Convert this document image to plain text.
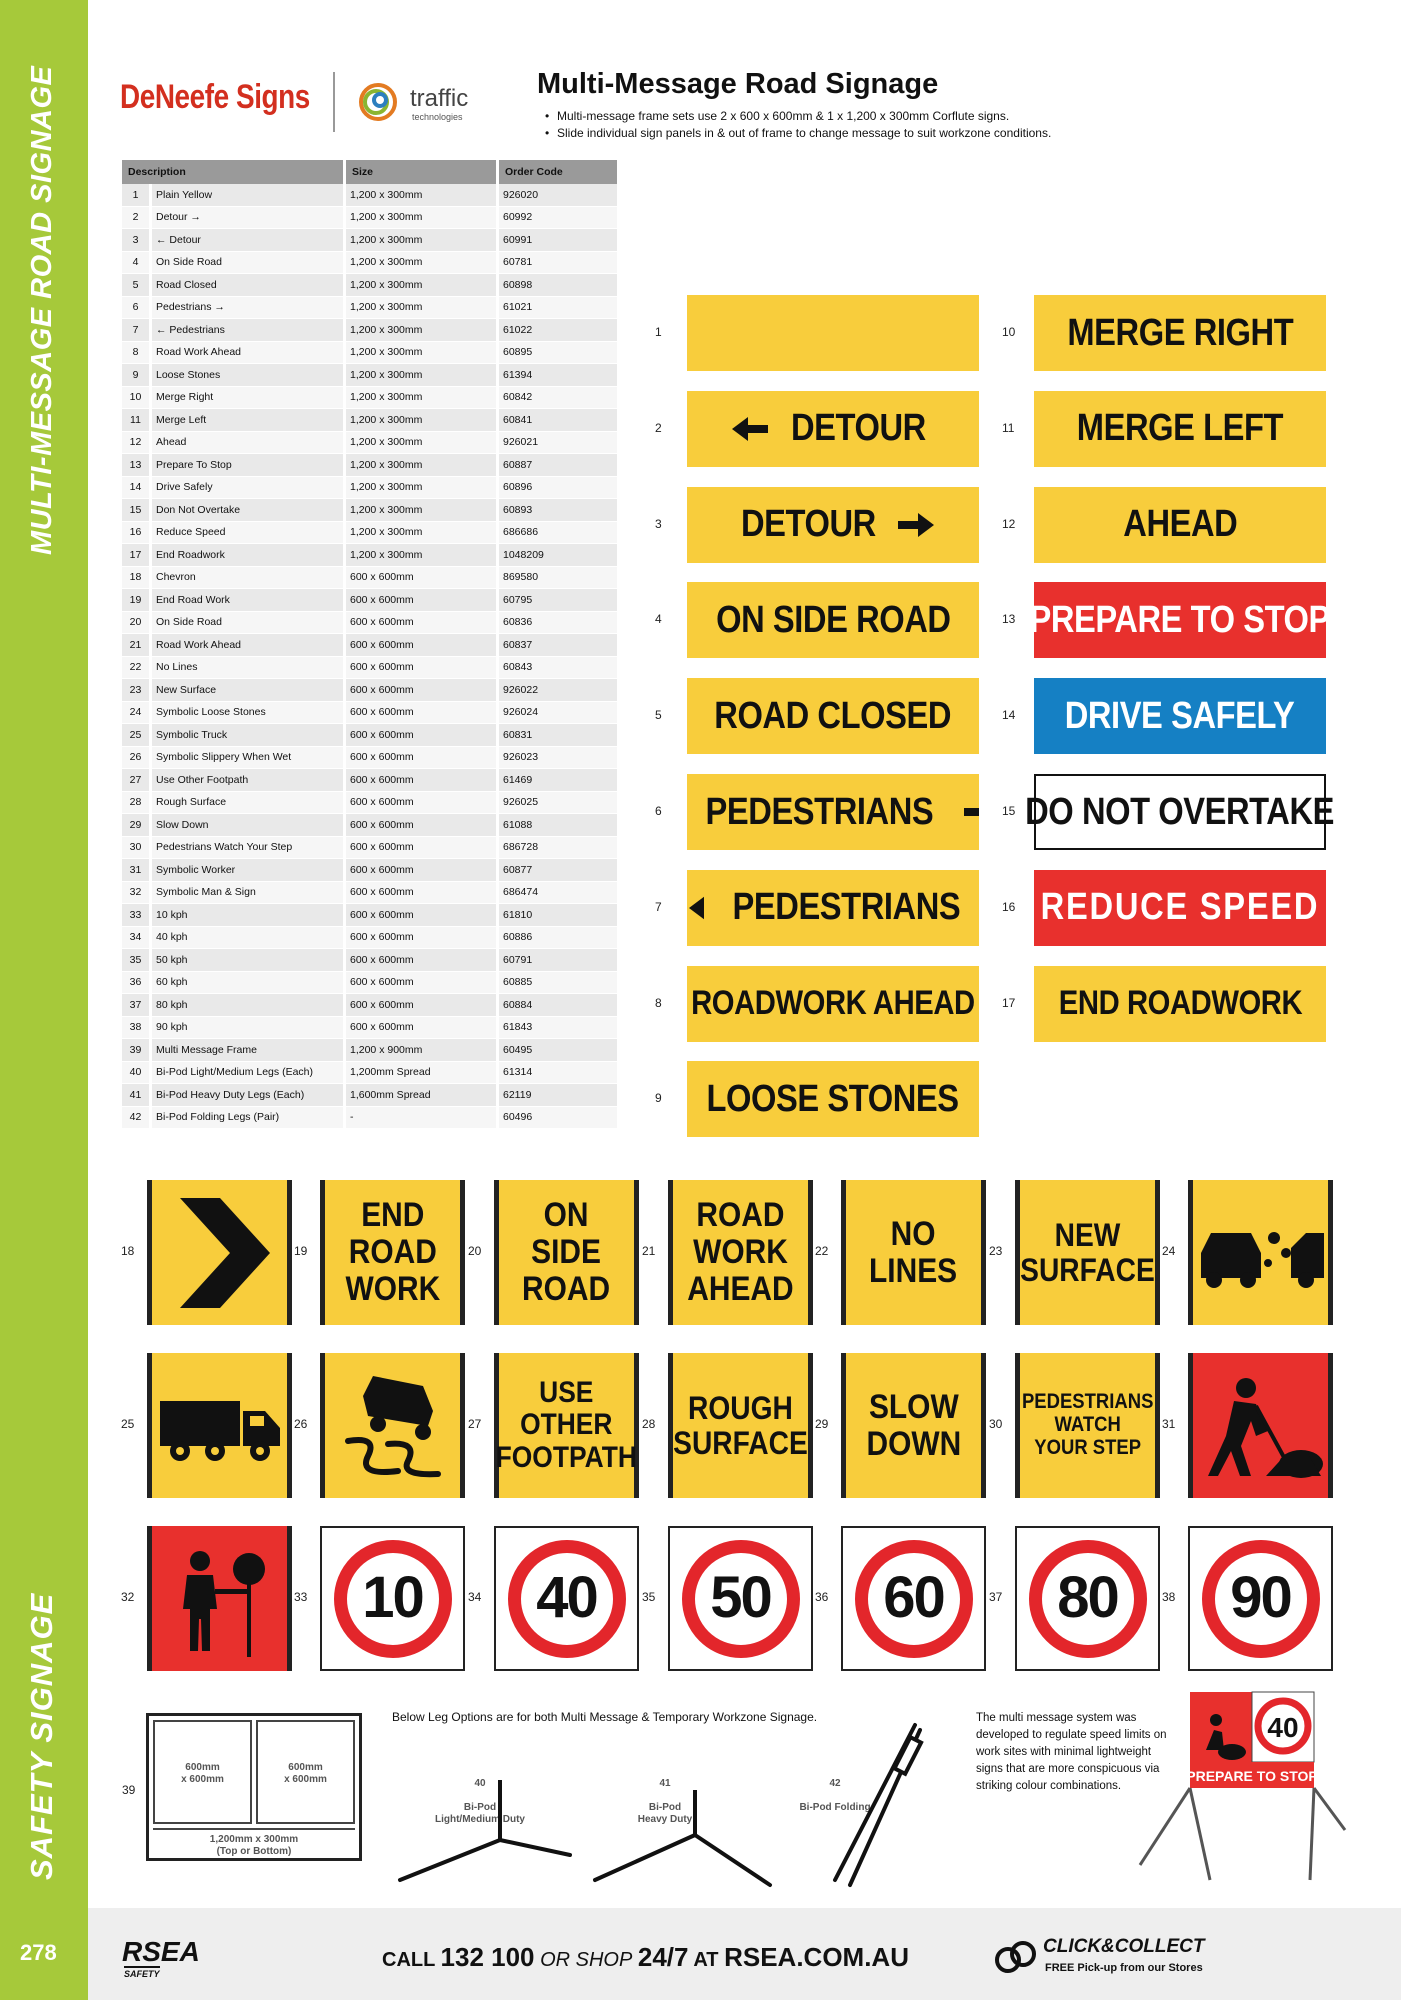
MULTI-MESSAGE ROAD SIGNAGE
SAFETY SIGNAGE
278
DeNeefe Signs	traffic
technologies
Multi-Message Road Signage
• Multi-message frame sets use 2 x 600 x 600mm & 1 x 1,200 x 300mm Corflute signs.
• Slide individual sign panels in & out of frame to change message to suit workzone conditions.
Description		Size	Order Code
1	Plain Yellow	1,200 x 300mm	926020
2	Detour →	1,200 x 300mm	60992
3	← Detour	1,200 x 300mm	60991
4	On Side Road	1,200 x 300mm	60781
5	Road Closed	1,200 x 300mm	60898
6	Pedestrians →	1,200 x 300mm	61021
7	← Pedestrians	1,200 x 300mm	61022
8	Road Work Ahead	1,200 x 300mm	60895
9	Loose Stones	1,200 x 300mm	61394
10	Merge Right	1,200 x 300mm	60842
11	Merge Left	1,200 x 300mm	60841
12	Ahead	1,200 x 300mm	926021
13	Prepare To Stop	1,200 x 300mm	60887
14	Drive Safely	1,200 x 300mm	60896
15	Don Not Overtake	1,200 x 300mm	60893
16	Reduce Speed	1,200 x 300mm	686686
17	End Roadwork	1,200 x 300mm	1048209
18	Chevron	600 x 600mm	869580
19	End Road Work	600 x 600mm	60795
20	On Side Road	600 x 600mm	60836
21	Road Work Ahead	600 x 600mm	60837
22	No Lines	600 x 600mm	60843
23	New Surface	600 x 600mm	926022
24	Symbolic Loose Stones	600 x 600mm	926024
25	Symbolic Truck	600 x 600mm	60831
26	Symbolic Slippery When Wet	600 x 600mm	926023
27	Use Other Footpath	600 x 600mm	61469
28	Rough Surface	600 x 600mm	926025
29	Slow Down	600 x 600mm	61088
30	Pedestrians Watch Your Step	600 x 600mm	686728
31	Symbolic Worker	600 x 600mm	60877
32	Symbolic Man & Sign	600 x 600mm	686474
33	10 kph	600 x 600mm	61810
34	40 kph	600 x 600mm	60886
35	50 kph	600 x 600mm	60791
36	60 kph	600 x 600mm	60885
37	80 kph	600 x 600mm	60884
38	90 kph	600 x 600mm	61843
39	Multi Message Frame	1,200 x 900mm	60495
40	Bi-Pod Light/Medium Legs (Each)	1,200mm Spread	61314
41	Bi-Pod Heavy Duty Legs (Each)	1,600mm Spread	62119
42	Bi-Pod Folding Legs (Pair)	-	60496
1
2
	DETOUR
3 DETOUR

4 ON SIDE ROAD
5 ROAD CLOSED
6 PEDESTRIANS

7
PEDESTRIANS
8 ROADWORK AHEAD
9 LOOSE STONES
10 MERGE RIGHT
11 MERGE LEFT
12	AHEAD
13 PREPARE TO STOP
14 DRIVE SAFELY
15 DO NOT OVERTAKE
16 REDUCE SPEED
17 END ROADWORK
18	19
END
ROAD
WORK
20
ON
SIDE
ROAD
21
ROAD
WORK
AHEAD
22	NO
LINES
23	NEW
SURFACE
24
25	26	27
USE
OTHER
FOOTPATH
28	ROUGH
SURFACE
29 SLOW
DOWN
30
PEDESTRIANS
WATCH
YOUR STEP
31
32	33 10	34 40	35 50	36 60	37 80	38 90
39
600mm
x 600mm
600mm
x 600mm
1,200mm x 300mm
(Top or Bottom)
Below Leg Options are for both Multi Message & Temporary Workzone Signage.

40

Bi-Pod
Light/Medium Duty

41

Bi-Pod
Heavy Duty

42

Bi-Pod Folding

The multi message system was developed to regulate speed limits on work sites with minimal lightweight signs that are more conspicuous via striking colour combinations.
40
PREPARE TO STOP
RSEA
SAFETY
CALL 132 100 OR SHOP 24/7 AT RSEA.COM.AU	CLICK&COLLECT
FREE Pick-up from our Stores
